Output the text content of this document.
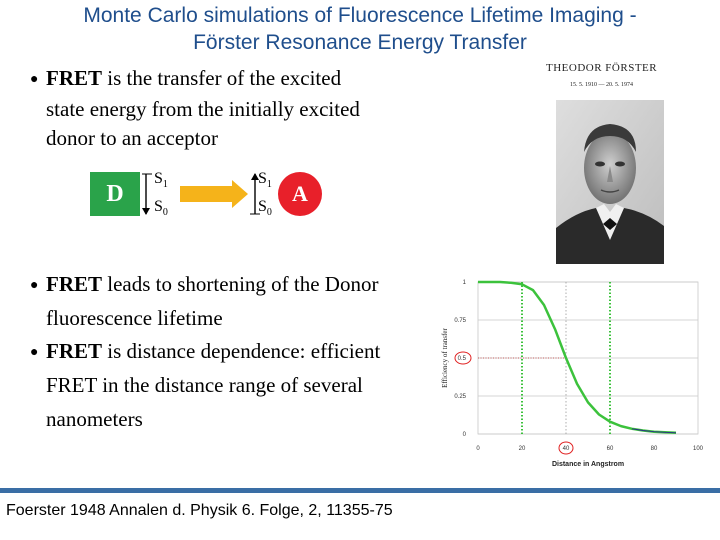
Monte Carlo simulations of Fluorescence Lifetime Imaging -
Förster Resonance Energy Transfer
● FRET is the transfer of the excited
state energy from the initially excited
donor to an acceptor
D
$S_1$
$S_0$
$S_1$
$S_0$
A
● FRET leads to shortening of the Donor
fluorescence lifetime
● FRET is distance dependence: efficient
FRET in the distance range of several
nanometers
THEODOR FÖRSTER
15. 5. 1910 — 20. 5. 1974
0
0.25
0.5
0.75
1
0	20	40	60	80	100
Distance in Angstrom
Efficiency of transfer
Foerster 1948 Annalen d. Physik 6. Folge, 2, 11355-75
